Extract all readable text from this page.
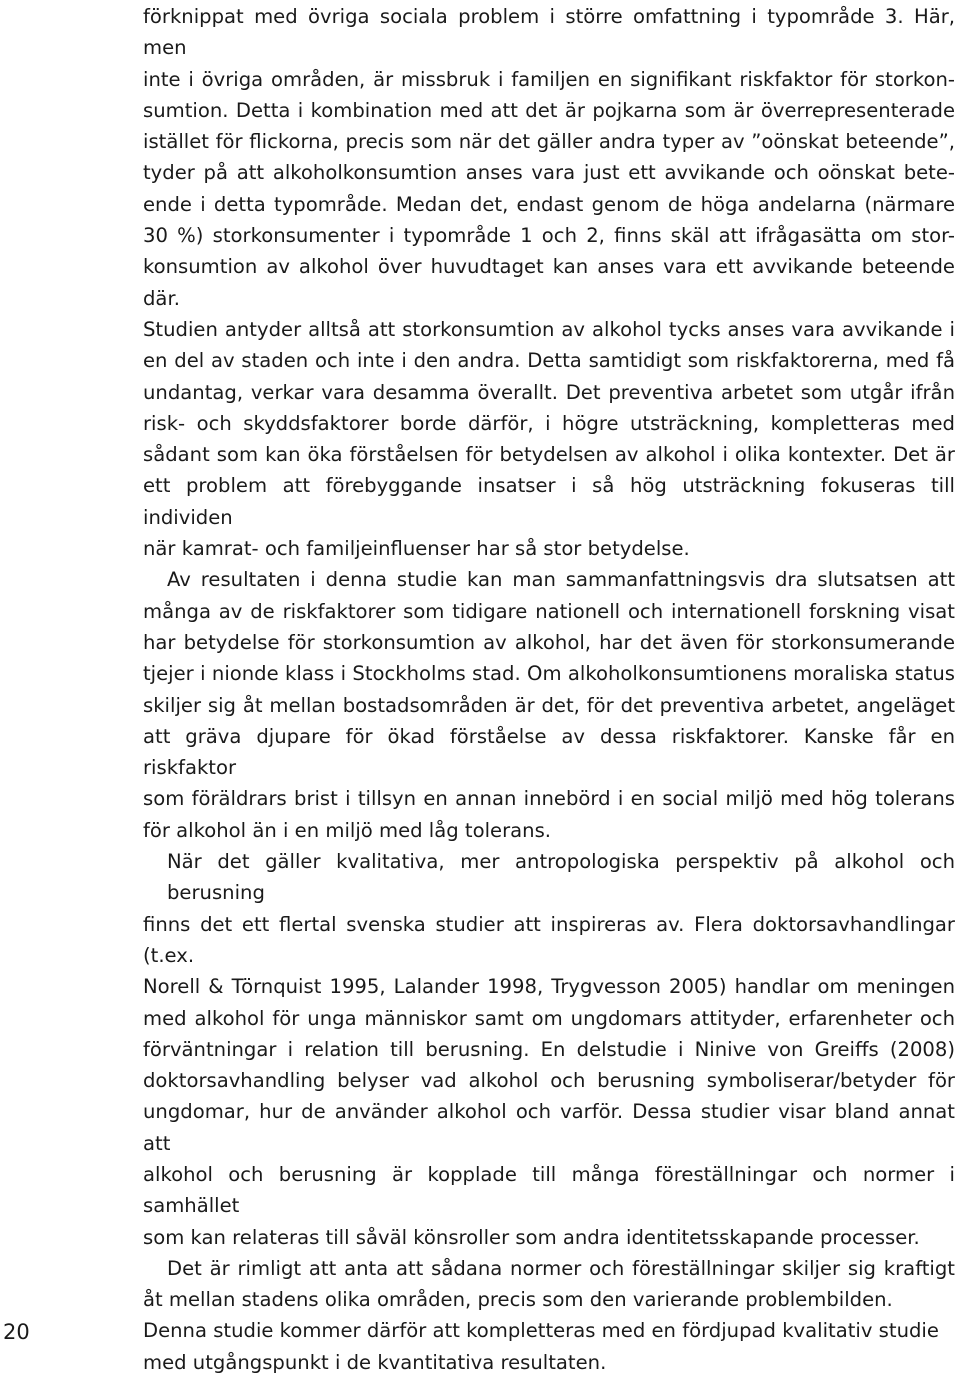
förknippat med övriga sociala problem i större omfattning i typområde 3. Här, men
inte i övriga områden, är missbruk i familjen en signifikant riskfaktor för storkon-
sumtion. Detta i kombination med att det är pojkarna som är överrepresenterade
istället för flickorna, precis som när det gäller andra typer av ”oönskat beteende”,
tyder på att alkoholkonsumtion anses vara just ett avvikande och oönskat bete-
ende i detta typområde. Medan det, endast genom de höga andelarna (närmare
30 %) storkonsumenter i typområde 1 och 2, finns skäl att ifrågasätta om stor-
konsumtion av alkohol över huvudtaget kan anses vara ett avvikande beteende där.
Studien antyder alltså att storkonsumtion av alkohol tycks anses vara avvikande i
en del av staden och inte i den andra. Detta samtidigt som riskfaktorerna, med få
undantag, verkar vara desamma överallt. Det preventiva arbetet som utgår ifrån
risk- och skyddsfaktorer borde därför, i högre utsträckning, kompletteras med
sådant som kan öka förståelsen för betydelsen av alkohol i olika kontexter. Det är
ett problem att förebyggande insatser i så hög utsträckning fokuseras till individen
när kamrat- och familjeinfluenser har så stor betydelse.
Av resultaten i denna studie kan man sammanfattningsvis dra slutsatsen att
många av de riskfaktorer som tidigare nationell och internationell forskning visat
har betydelse för storkonsumtion av alkohol, har det även för storkonsumerande
tjejer i nionde klass i Stockholms stad. Om alkoholkonsumtionens moraliska status
skiljer sig åt mellan bostadsområden är det, för det preventiva arbetet, angeläget
att gräva djupare för ökad förståelse av dessa riskfaktorer. Kanske får en riskfaktor
som föräldrars brist i tillsyn en annan innebörd i en social miljö med hög tolerans
för alkohol än i en miljö med låg tolerans.
När det gäller kvalitativa, mer antropologiska perspektiv på alkohol och berusning
finns det ett flertal svenska studier att inspireras av. Flera doktorsavhandlingar (t.ex.
Norell & Törnquist 1995, Lalander 1998, Trygvesson 2005) handlar om meningen
med alkohol för unga människor samt om ungdomars attityder, erfarenheter och
förväntningar i relation till berusning. En delstudie i Ninive von Greiffs (2008)
doktorsavhandling belyser vad alkohol och berusning symboliserar/betyder för
ungdomar, hur de använder alkohol och varför. Dessa studier visar bland annat att
alkohol och berusning är kopplade till många föreställningar och normer i samhället
som kan relateras till såväl könsroller som andra identitetsskapande processer.
Det är rimligt att anta att sådana normer och föreställningar skiljer sig kraftigt
åt mellan stadens olika områden, precis som den varierande problembilden.
Denna studie kommer därför att kompletteras med en fördjupad kvalitativ studie
med utgångspunkt i de kvantitativa resultaten.
20
